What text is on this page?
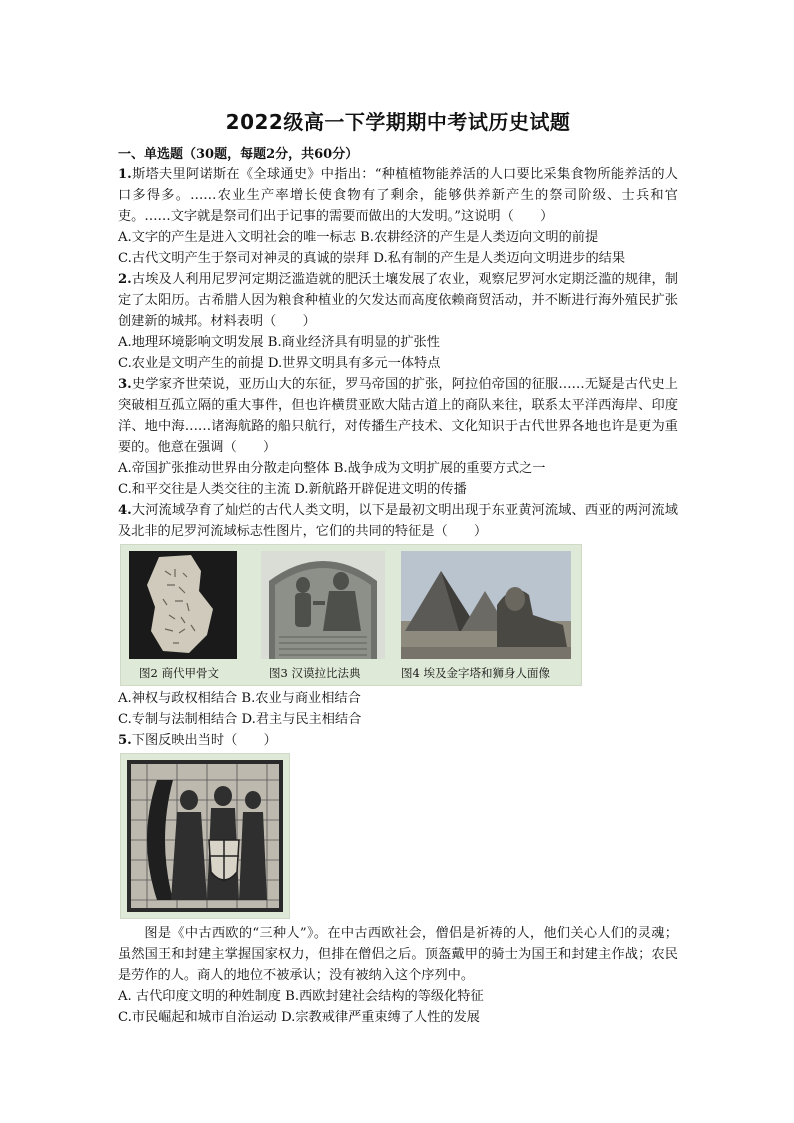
2022级高一下学期期中考试历史试题
一、单选题（30题，每题2分，共60分）

1.斯塔夫里阿诺斯在《全球通史》中指出：“种植植物能养活的人口要比采集食物所能养活的人口多得多。……农业生产率增长使食物有了剩余，能够供养新产生的祭司阶级、士兵和官吏。……文字就是祭司们出于记事的需要而做出的大发明。”这说明（　　）

A.文字的产生是进入文明社会的唯一标志 B.农耕经济的产生是人类迈向文明的前提

C.古代文明产生于祭司对神灵的真诚的崇拜 D.私有制的产生是人类迈向文明进步的结果

2.古埃及人利用尼罗河定期泛滥造就的肥沃土壤发展了农业，观察尼罗河水定期泛滥的规律，制定了太阳历。古希腊人因为粮食种植业的欠发达而高度依赖商贸活动，并不断进行海外殖民扩张创建新的城邦。材料表明（　　）

A.地理环境影响文明发展 B.商业经济具有明显的扩张性

C.农业是文明产生的前提 D.世界文明具有多元一体特点

3.史学家齐世荣说，亚历山大的东征，罗马帝国的扩张，阿拉伯帝国的征服……无疑是古代史上突破相互孤立隔的重大事件，但也许横贯亚欧大陆古道上的商队来往，联系太平洋西海岸、印度洋、地中海……诸海航路的船只航行，对传播生产技术、文化知识于古代世界各地也许是更为重要的。他意在强调（　　）

A.帝国扩张推动世界由分散走向整体 B.战争成为文明扩展的重要方式之一

C.和平交往是人类交往的主流 D.新航路开辟促进文明的传播

4.大河流域孕育了灿烂的古代人类文明，以下是最初文明出现于东亚黄河流域、西亚的两河流域及北非的尼罗河流域标志性图片，它们的共同的特征是（　　）

图2 商代甲骨文	图3 汉谟拉比法典	图4 埃及金字塔和狮身人面像

A.神权与政权相结合 B.农业与商业相结合

C.专制与法制相结合 D.君主与民主相结合

5.下图反映出当时（　　）

图是《中古西欧的“三种人”》。在中古西欧社会，僧侣是祈祷的人，他们关心人们的灵魂；虽然国王和封建主掌握国家权力，但排在僧侣之后。顶盔戴甲的骑士为国王和封建主作战；农民是劳作的人。商人的地位不被承认；没有被纳入这个序列中。

A. 古代印度文明的种姓制度 B.西欧封建社会结构的等级化特征

C.市民崛起和城市自治运动 D.宗教戒律严重束缚了人性的发展
